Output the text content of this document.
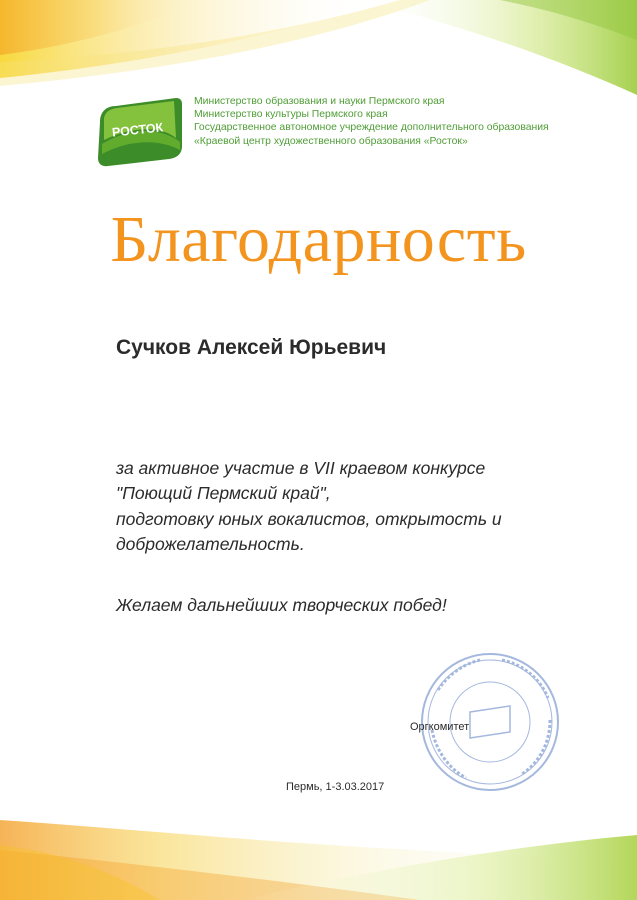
РОСТОК
Министерство образования и науки Пермского края
Министерство культуры Пермского края
Государственное автономное учреждение дополнительного образования
«Краевой центр художественного образования «Росток»
Благодарность
Сучков Алексей Юрьевич
за активное участие в VII краевом конкурсе
"Поющий Пермский край",
подготовку юных вокалистов, открытость и
доброжелательность.
Желаем дальнейших творческих побед!
Оргкомитет
Пермь, 1-3.03.2017
